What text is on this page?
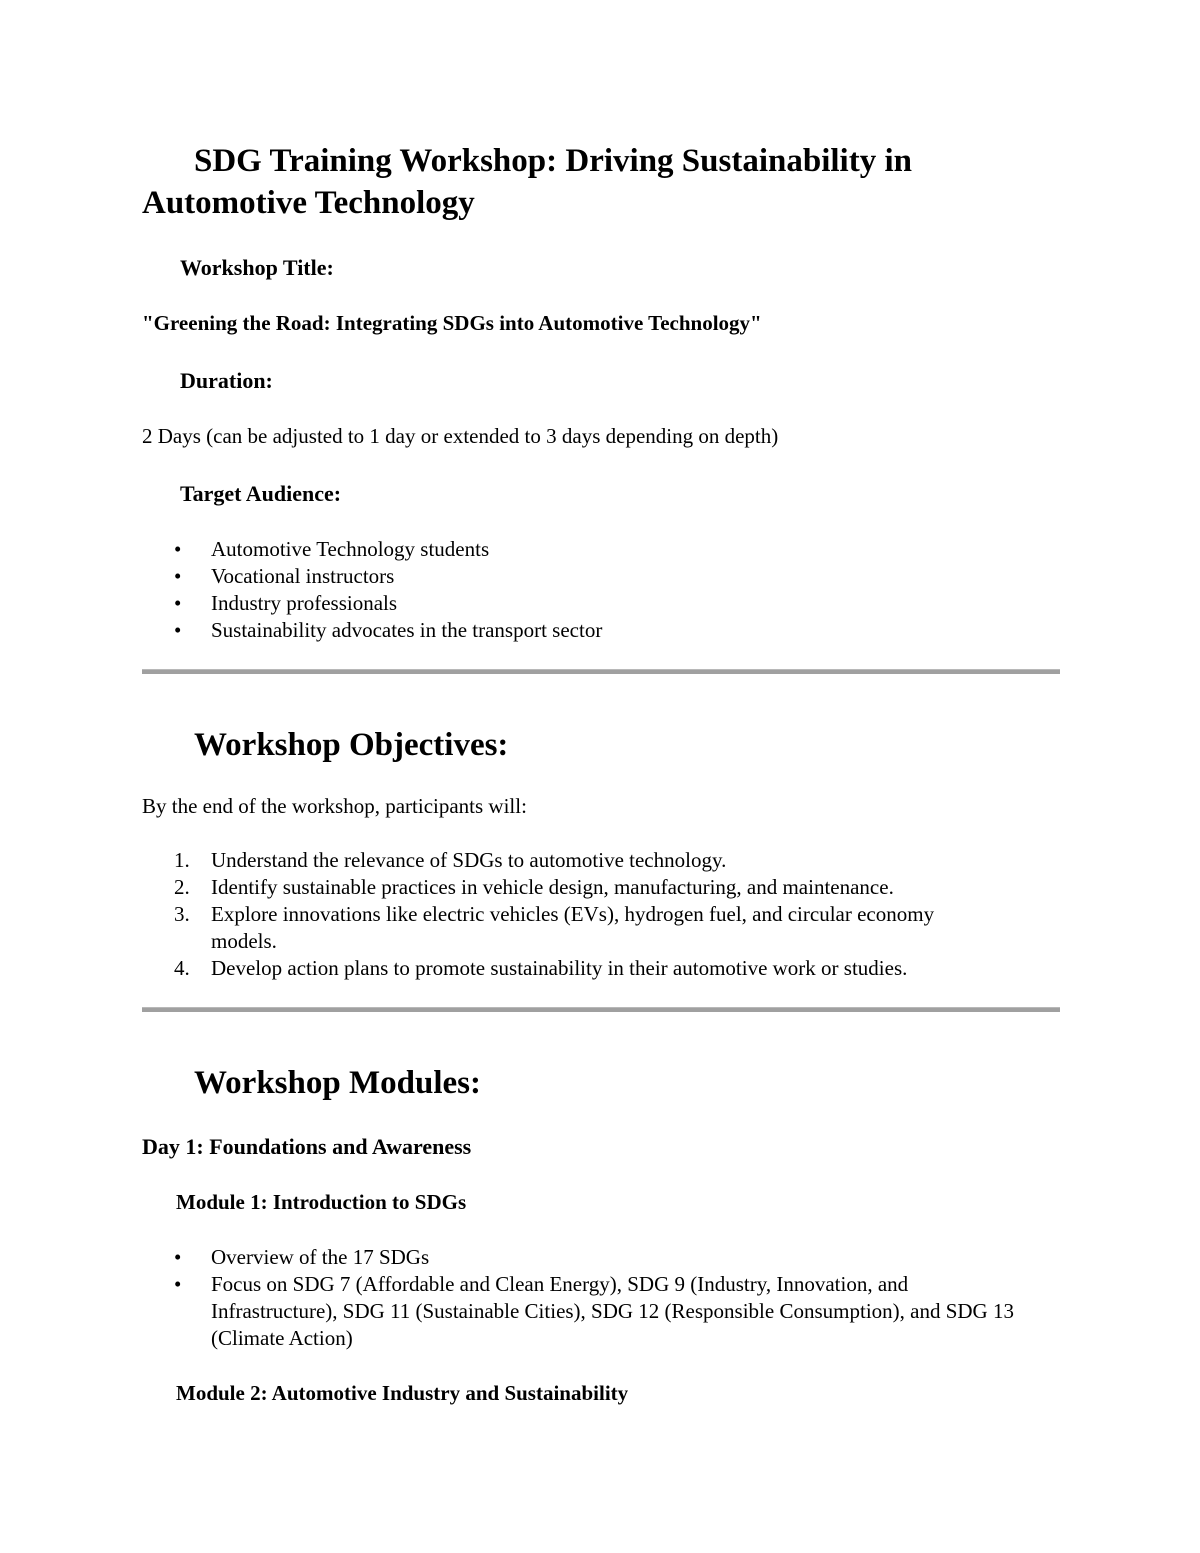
SDG Training Workshop: Driving Sustainability in Automotive Technology
Workshop Title:
"Greening the Road: Integrating SDGs into Automotive Technology"
Duration:
2 Days (can be adjusted to 1 day or extended to 3 days depending on depth)
Target Audience:
• Automotive Technology students
• Vocational instructors
• Industry professionals
• Sustainability advocates in the transport sector
Workshop Objectives:
By the end of the workshop, participants will:
1. Understand the relevance of SDGs to automotive technology.
2. Identify sustainable practices in vehicle design, manufacturing, and maintenance.
3. Explore innovations like electric vehicles (EVs), hydrogen fuel, and circular economy models.
4. Develop action plans to promote sustainability in their automotive work or studies.
Workshop Modules:
Day 1: Foundations and Awareness
Module 1: Introduction to SDGs
• Overview of the 17 SDGs
• Focus on SDG 7 (Affordable and Clean Energy), SDG 9 (Industry, Innovation, and Infrastructure), SDG 11 (Sustainable Cities), SDG 12 (Responsible Consumption), and SDG 13 (Climate Action)
Module 2: Automotive Industry and Sustainability
